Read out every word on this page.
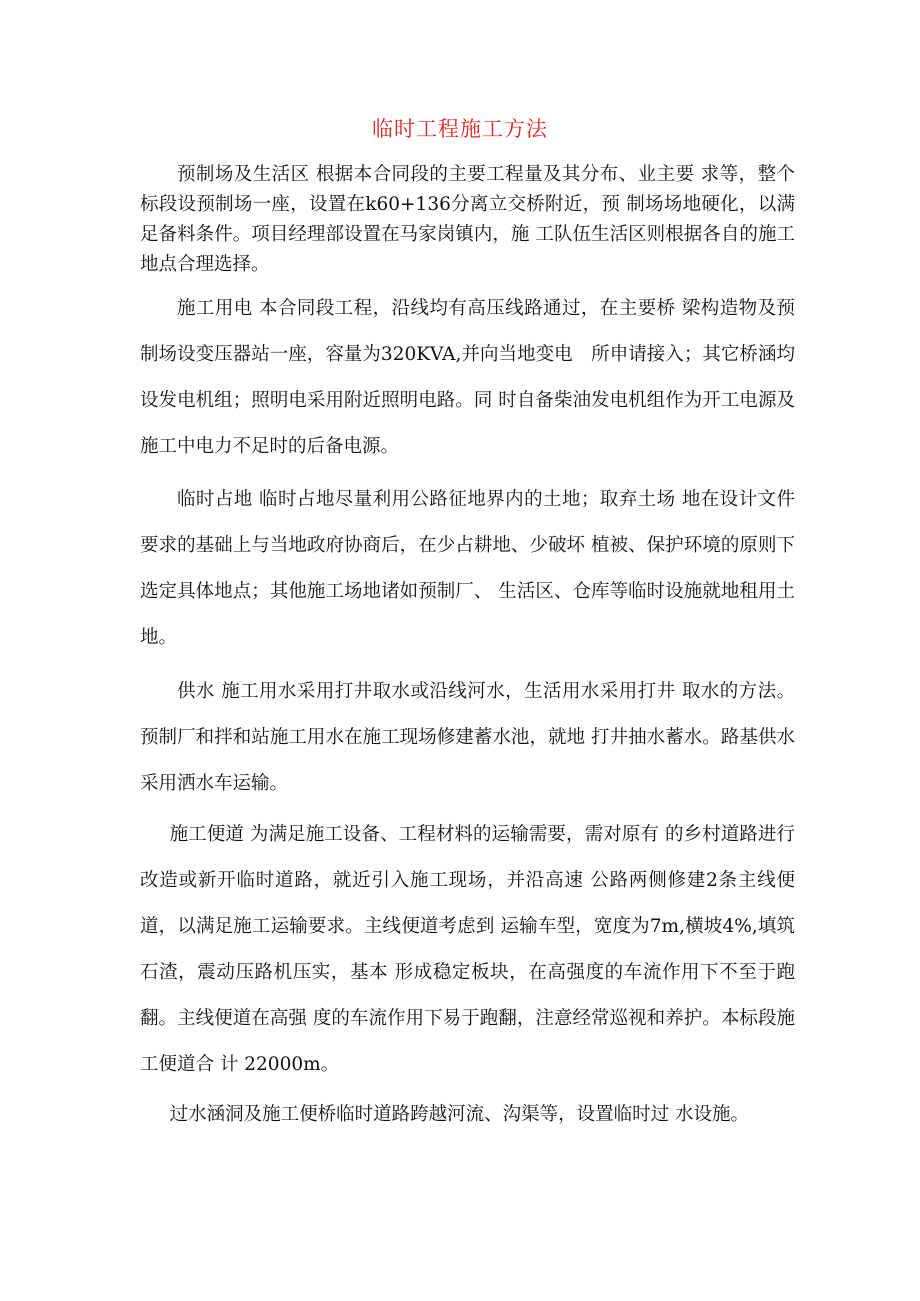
临时工程施工方法

预制场及生活区 根据本合同段的主要工程量及其分布、业主要 求等，整个标段设预制场一座，设置在k60+136分离立交桥附近，预 制场场地硬化，以满足备料条件。项目经理部设置在马家岗镇内，施 工队伍生活区则根据各自的施工地点合理选择。

施工用电 本合同段工程，沿线均有高压线路通过，在主要桥 梁构造物及预制场设变压器站一座，容量为320KVA,并向当地变电　所申请接入；其它桥涵均设发电机组；照明电采用附近照明电路。同 时自备柴油发电机组作为开工电源及施工中电力不足时的后备电源。

临时占地 临时占地尽量利用公路征地界内的土地；取弃土场 地在设计文件要求的基础上与当地政府协商后，在少占耕地、少破坏 植被、保护环境的原则下选定具体地点；其他施工场地诸如预制厂、 生活区、仓库等临时设施就地租用土地。

供水 施工用水采用打井取水或沿线河水，生活用水采用打井 取水的方法。预制厂和拌和站施工用水在施工现场修建蓄水池，就地 打井抽水蓄水。路基供水采用洒水车运输。

施工便道 为满足施工设备、工程材料的运输需要，需对原有 的乡村道路进行改造或新开临时道路，就近引入施工现场，并沿高速 公路两侧修建2条主线便道，以满足施工运输要求。主线便道考虑到 运输车型，宽度为7m,横坡4%,填筑石渣，震动压路机压实，基本 形成稳定板块，在高强度的车流作用下不至于跑翻。主线便道在高强 度的车流作用下易于跑翻，注意经常巡视和养护。本标段施工便道合 计 22000m。

过水涵洞及施工便桥临时道路跨越河流、沟渠等，设置临时过 水设施。
